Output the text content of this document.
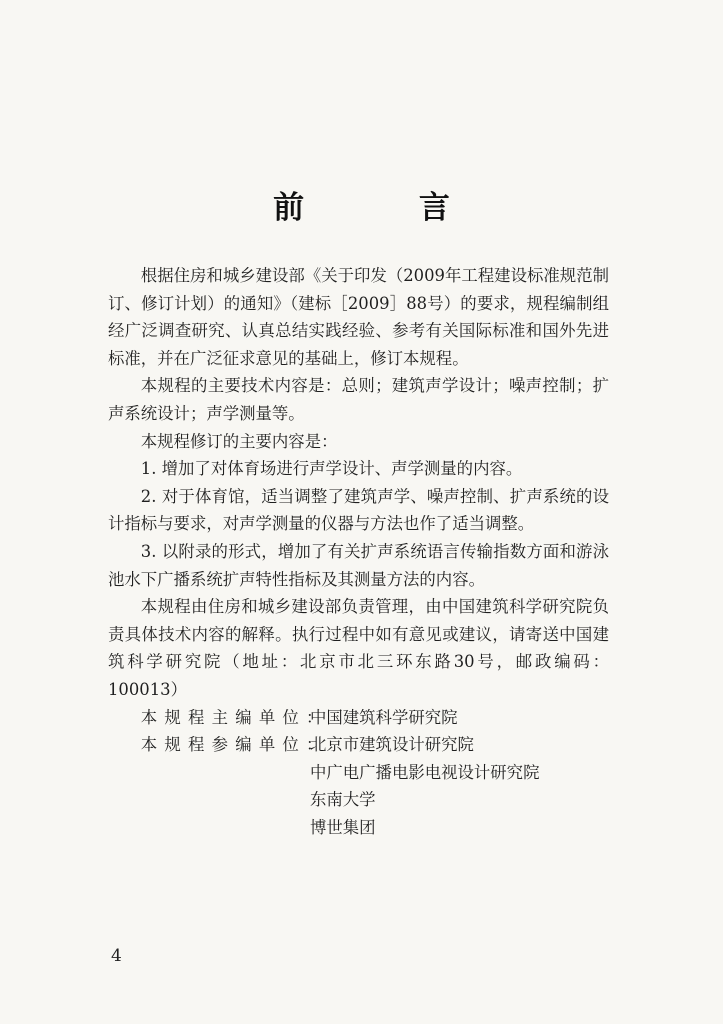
前 言

根据住房和城乡建设部《关于印发（2009年工程建设标准规范制订、修订计划）的通知》（建标［2009］88号）的要求，规程编制组经广泛调查研究、认真总结实践经验、参考有关国际标准和国外先进标准，并在广泛征求意见的基础上，修订本规程。

本规程的主要技术内容是：总则；建筑声学设计；噪声控制；扩声系统设计；声学测量等。

本规程修订的主要内容是：

1. 增加了对体育场进行声学设计、声学测量的内容。

2. 对于体育馆，适当调整了建筑声学、噪声控制、扩声系统的设计指标与要求，对声学测量的仪器与方法也作了适当调整。

3. 以附录的形式，增加了有关扩声系统语言传输指数方面和游泳池水下广播系统扩声特性指标及其测量方法的内容。

本规程由住房和城乡建设部负责管理，由中国建筑科学研究院负责具体技术内容的解释。执行过程中如有意见或建议，请寄送中国建筑科学研究院（地址：北京市北三环东路30号，邮政编码：100013）

本规程主编单位：
中国建筑科学研究院
本规程参编单位：
北京市建筑设计研究院
中广电广播电影电视设计研究院
东南大学
博世集团
4
